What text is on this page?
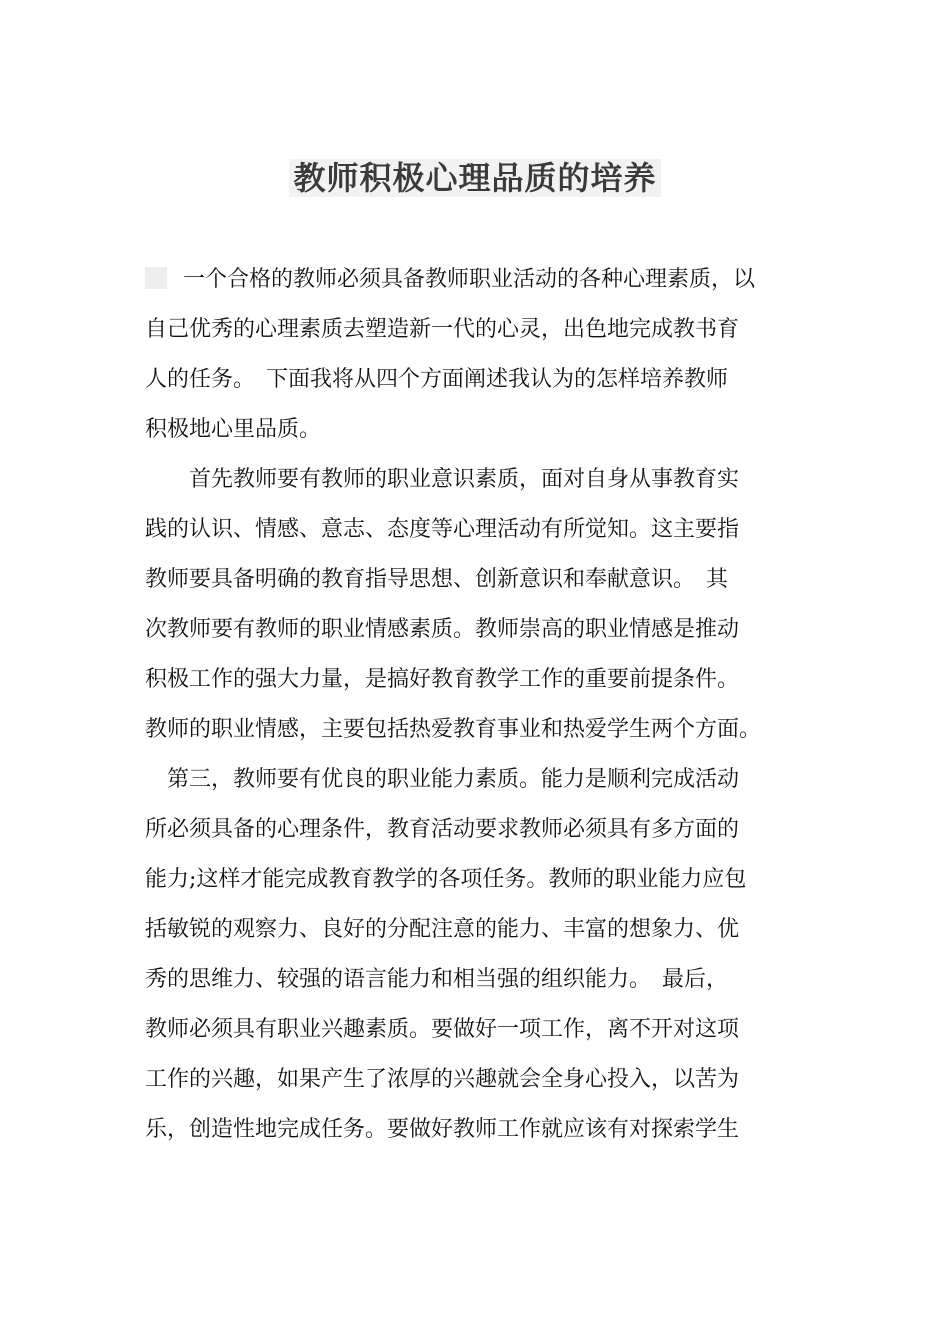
教师积极心理品质的培养
一个合格的教师必须具备教师职业活动的各种心理素质，以
自己优秀的心理素质去塑造新一代的心灵，出色地完成教书育
人的任务。　下面我将从四个方面阐述我认为的怎样培养教师
积极地心里品质。
　　首先教师要有教师的职业意识素质，面对自身从事教育实
践的认识、情感、意志、态度等心理活动有所觉知。这主要指
教师要具备明确的教育指导思想、创新意识和奉献意识。　其
次教师要有教师的职业情感素质。教师崇高的职业情感是推动
积极工作的强大力量，是搞好教育教学工作的重要前提条件。
教师的职业情感，主要包括热爱教育事业和热爱学生两个方面。
　第三，教师要有优良的职业能力素质。能力是顺利完成活动
所必须具备的心理条件，教育活动要求教师必须具有多方面的
能力;这样才能完成教育教学的各项任务。教师的职业能力应包
括敏锐的观察力、良好的分配注意的能力、丰富的想象力、优
秀的思维力、较强的语言能力和相当强的组织能力。　最后，
教师必须具有职业兴趣素质。要做好一项工作，离不开对这项
工作的兴趣，如果产生了浓厚的兴趣就会全身心投入，以苦为
乐，创造性地完成任务。要做好教师工作就应该有对探索学生
